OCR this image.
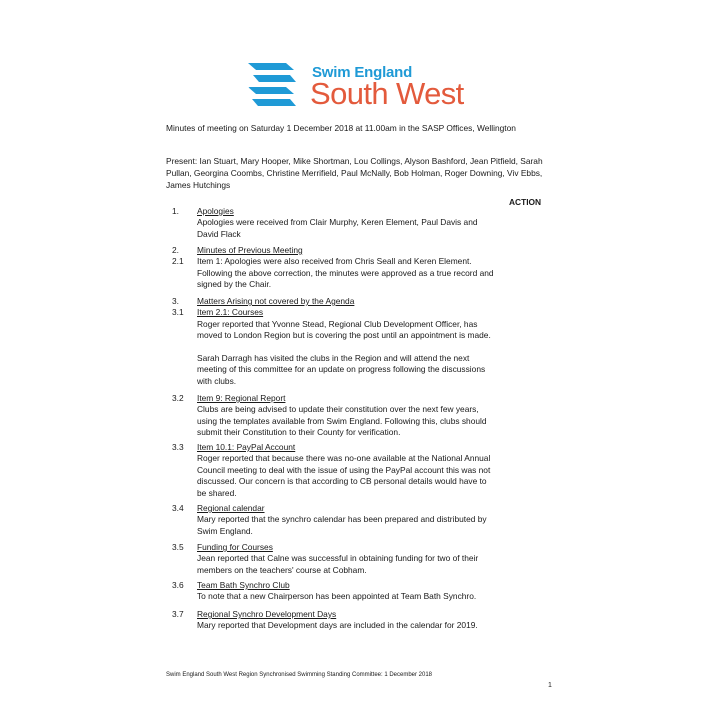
Swim England
South West
Minutes of meeting on Saturday 1 December 2018 at 11.00am in the SASP Offices, Wellington
Present: Ian Stuart, Mary Hooper, Mike Shortman, Lou Collings, Alyson Bashford, Jean Pitfield, Sarah Pullan, Georgina Coombs, Christine Merrifield, Paul McNally, Bob Holman, Roger Downing, Viv Ebbs, James Hutchings
ACTION
1.	Apologies
Apologies were received from Clair Murphy, Keren Element, Paul Davis and David Flack
2.	Minutes of Previous Meeting
2.1	Item 1: Apologies were also received from Chris Seall and Keren Element. Following the above correction, the minutes were approved as a true record and signed by the Chair.
3.	Matters Arising not covered by the Agenda
3.1	Item 2.1: Courses
Roger reported that Yvonne Stead, Regional Club Development Officer, has moved to London Region but is covering the post until an appointment is made.
Sarah Darragh has visited the clubs in the Region and will attend the next meeting of this committee for an update on progress following the discussions with clubs.
3.2	Item 9: Regional Report
Clubs are being advised to update their constitution over the next few years, using the templates available from Swim England. Following this, clubs should submit their Constitution to their County for verification.
3.3	Item 10.1: PayPal Account
Roger reported that because there was no-one available at the National Annual Council meeting to deal with the issue of using the PayPal account this was not discussed. Our concern is that according to CB personal details would have to be shared.
3.4	Regional calendar
Mary reported that the synchro calendar has been prepared and distributed by Swim England.
3.5	Funding for Courses
Jean reported that Calne was successful in obtaining funding for two of their members on the teachers' course at Cobham.
3.6	Team Bath Synchro Club
To note that a new Chairperson has been appointed at Team Bath Synchro.
3.7	Regional Synchro Development Days
Mary reported that Development days are included in the calendar for 2019.
Swim England South West Region Synchronised Swimming Standing Committee: 1 December 2018
1
